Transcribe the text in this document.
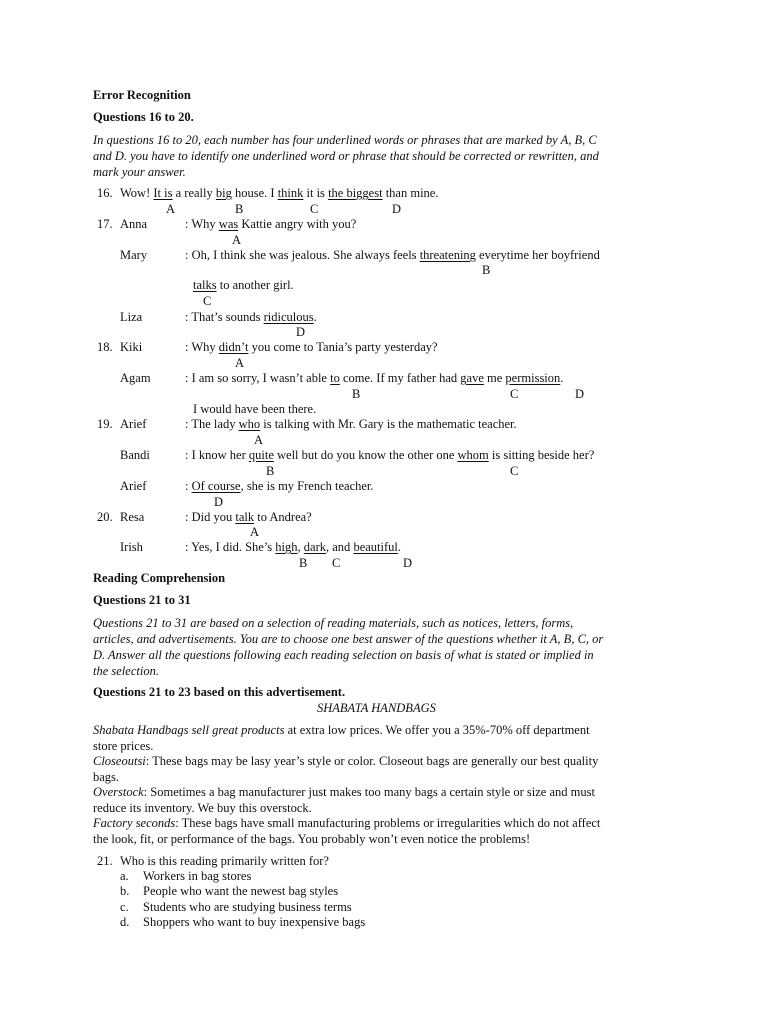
Error Recognition
Questions 16 to 20.
In questions 16 to 20, each number has four underlined words or phrases that are marked by A, B, C
and D. you have to identify one underlined word or phrase that should be corrected or rewritten, and
mark your answer.
16. Wow! It is a really big house. I think it is the biggest than mine.
A	B	C	D
17. Anna	: Why was Kattie angry with you?
A
Mary	: Oh, I think she was jealous. She always feels threatening everytime her boyfriend
B
talks to another girl.
C
Liza	: That’s sounds ridiculous.
D
18. Kiki	: Why didn’t you come to Tania’s party yesterday?
A
Agam	: I am so sorry, I wasn’t able to come. If my father had gave me permission.
B	C	D
I would have been there.
19. Arief	: The lady who is talking with Mr. Gary is the mathematic teacher.
A
Bandi	: I know her quite well but do you know the other one whom is sitting beside her?
B	C
Arief	: Of course, she is my French teacher.
D
20. Resa	: Did you talk to Andrea?
A
Irish	: Yes, I did. She’s high, dark, and beautiful.
B C	D
Reading Comprehension
Questions 21 to 31
Questions 21 to 31 are based on a selection of reading materials, such as notices, letters, forms,
articles, and advertisements. You are to choose one best answer of the questions whether it A, B, C, or
D. Answer all the questions following each reading selection on basis of what is stated or implied in
the selection.
Questions 21 to 23 based on this advertisement.
SHABATA HANDBAGS
Shabata Handbags sell great products at extra low prices. We offer you a 35%-70% off department
store prices.
Closeoutsi: These bags may be lasy year’s style or color. Closeout bags are generally our best quality
bags.
Overstock: Sometimes a bag manufacturer just makes too many bags a certain style or size and must
reduce its inventory. We buy this overstock.
Factory seconds: These bags have small manufacturing problems or irregularities which do not affect
the look, fit, or performance of the bags. You probably won’t even notice the problems!
21. Who is this reading primarily written for?
a. Workers in bag stores
b. People who want the newest bag styles
c. Students who are studying business terms
d. Shoppers who want to buy inexpensive bags
